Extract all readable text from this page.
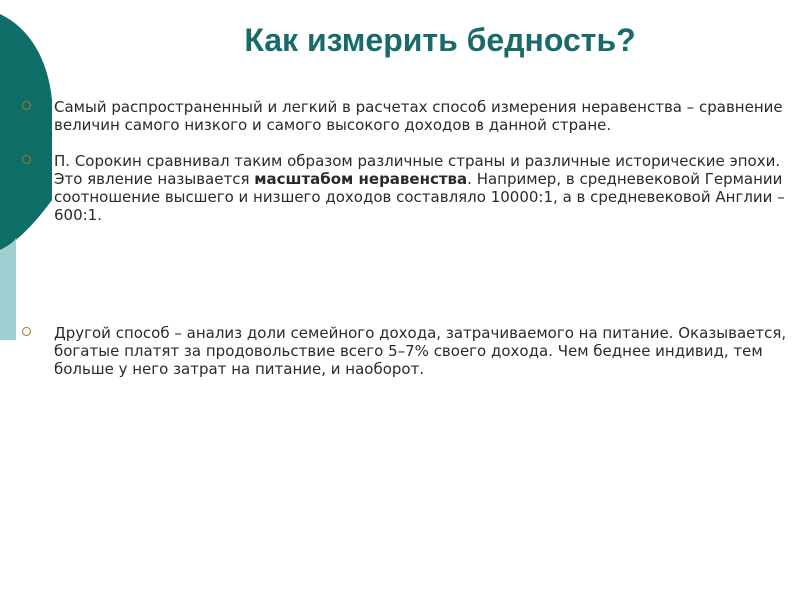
Как измерить бедность?
Самый распространенный и легкий в расчетах способ измерения неравенства – сравнение величин самого низкого и самого высокого доходов в данной стране.
П. Сорокин сравнивал таким образом различные страны и различные исторические эпохи. Это явление называется масштабом неравенства. Например, в средневековой Германии соотношение высшего и низшего доходов составляло 10000:1, а в средневековой Англии – 600:1.
Другой способ – анализ доли семейного дохода, затрачиваемого на питание. Оказывается, богатые платят за продовольствие всего 5–7% своего дохода. Чем беднее индивид, тем больше у него затрат на питание, и наоборот.
